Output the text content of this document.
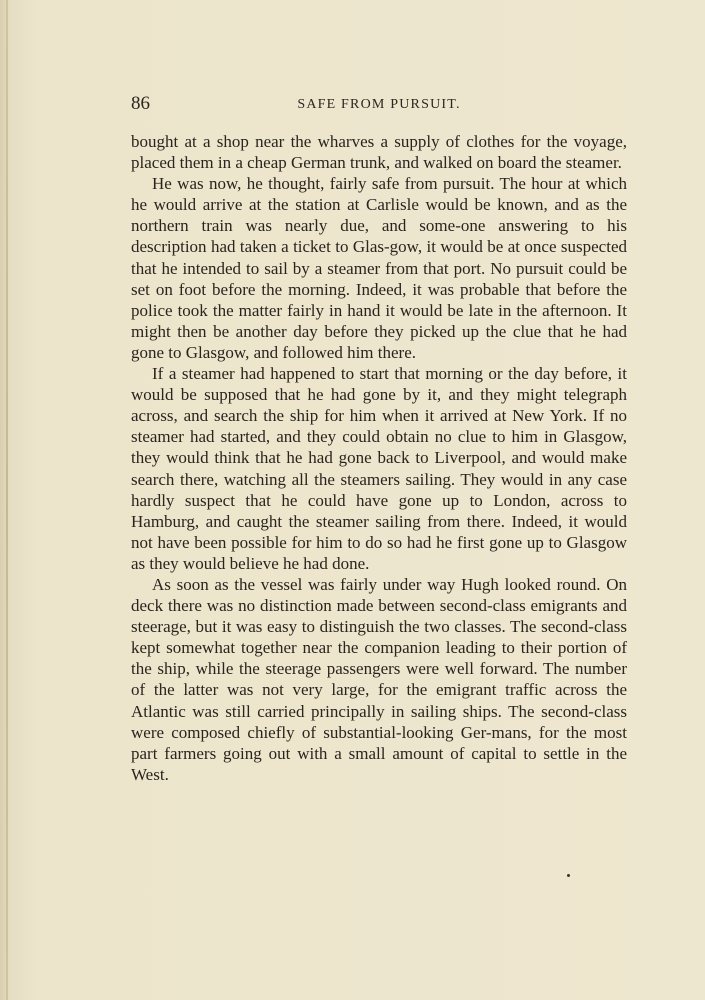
86	SAFE FROM PURSUIT.

bought at a shop near the wharves a supply of clothes for the voyage, placed them in a cheap German trunk, and walked on board the steamer.

He was now, he thought, fairly safe from pursuit. The hour at which he would arrive at the station at Carlisle would be known, and as the northern train was nearly due, and some-one answering to his description had taken a ticket to Glas-gow, it would be at once suspected that he intended to sail by a steamer from that port. No pursuit could be set on foot before the morning. Indeed, it was probable that before the police took the matter fairly in hand it would be late in the afternoon. It might then be another day before they picked up the clue that he had gone to Glasgow, and followed him there.

If a steamer had happened to start that morning or the day before, it would be supposed that he had gone by it, and they might telegraph across, and search the ship for him when it arrived at New York. If no steamer had started, and they could obtain no clue to him in Glasgow, they would think that he had gone back to Liverpool, and would make search there, watching all the steamers sailing. They would in any case hardly suspect that he could have gone up to London, across to Hamburg, and caught the steamer sailing from there. Indeed, it would not have been possible for him to do so had he first gone up to Glasgow as they would believe he had done.

As soon as the vessel was fairly under way Hugh looked round. On deck there was no distinction made between second-class emigrants and steerage, but it was easy to distinguish the two classes. The second-class kept somewhat together near the companion leading to their portion of the ship, while the steerage passengers were well forward. The number of the latter was not very large, for the emigrant traffic across the Atlantic was still carried principally in sailing ships. The second-class were composed chiefly of substantial-looking Ger-mans, for the most part farmers going out with a small amount of capital to settle in the West.
